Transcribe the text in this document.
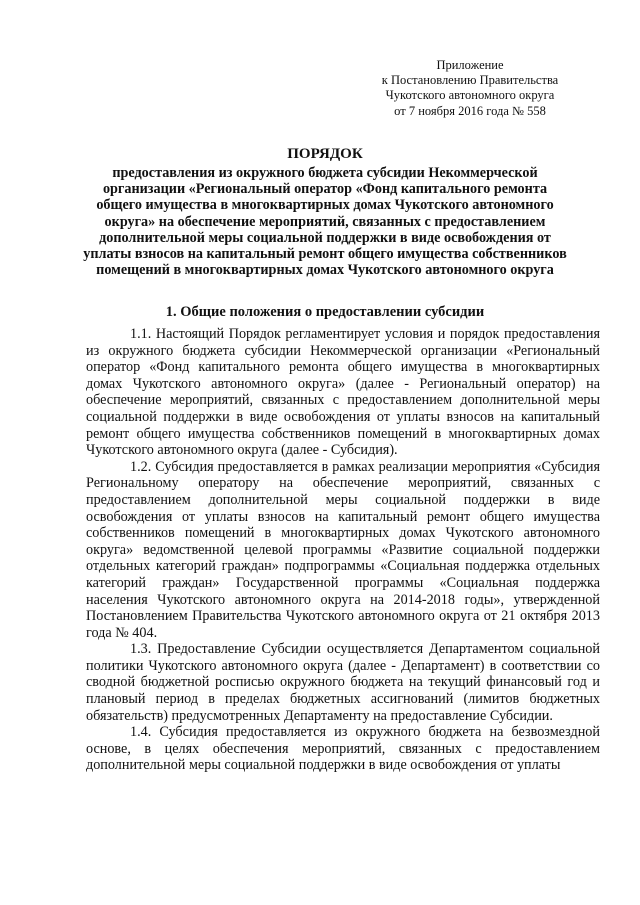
Приложение
к Постановлению Правительства
Чукотского автономного округа
от 7 ноября 2016 года № 558
ПОРЯДОК

предоставления из окружного бюджета субсидии Некоммерческой организации «Региональный оператор «Фонд капитального ремонта общего имущества в многоквартирных домах Чукотского автономного округа» на обеспечение мероприятий, связанных с предоставлением дополнительной меры социальной поддержки в виде освобождения от уплаты взносов на капитальный ремонт общего имущества собственников помещений в многоквартирных домах Чукотского автономного округа

1. Общие положения о предоставлении субсидии

1.1. Настоящий Порядок регламентирует условия и порядок предоставления из окружного бюджета субсидии Некоммерческой организации «Региональный оператор «Фонд капитального ремонта общего имущества в многоквартирных домах Чукотского автономного округа» (далее - Региональный оператор) на обеспечение мероприятий, связанных с предоставлением дополнительной меры социальной поддержки в виде освобождения от уплаты взносов на капитальный ремонт общего имущества собственников помещений в многоквартирных домах Чукотского автономного округа (далее - Субсидия).

1.2. Субсидия предоставляется в рамках реализации мероприятия «Субсидия Региональному оператору на обеспечение мероприятий, связанных с предоставлением дополнительной меры социальной поддержки в виде освобождения от уплаты взносов на капитальный ремонт общего имущества собственников помещений в многоквартирных домах Чукотского автономного округа» ведомственной целевой программы «Развитие социальной поддержки отдельных категорий граждан» подпрограммы «Социальная поддержка отдельных категорий граждан» Государственной программы «Социальная поддержка населения Чукотского автономного округа на 2014-2018 годы», утвержденной Постановлением Правительства Чукотского автономного округа от 21 октября 2013 года № 404.

1.3. Предоставление Субсидии осуществляется Департаментом социальной политики Чукотского автономного округа (далее - Департамент) в соответствии со сводной бюджетной росписью окружного бюджета на текущий финансовый год и плановый период в пределах бюджетных ассигнований (лимитов бюджетных обязательств) предусмотренных Департаменту на предоставление Субсидии.

1.4. Субсидия предоставляется из окружного бюджета на безвозмездной основе, в целях обеспечения мероприятий, связанных с предоставлением дополнительной меры социальной поддержки в виде освобождения от уплаты
